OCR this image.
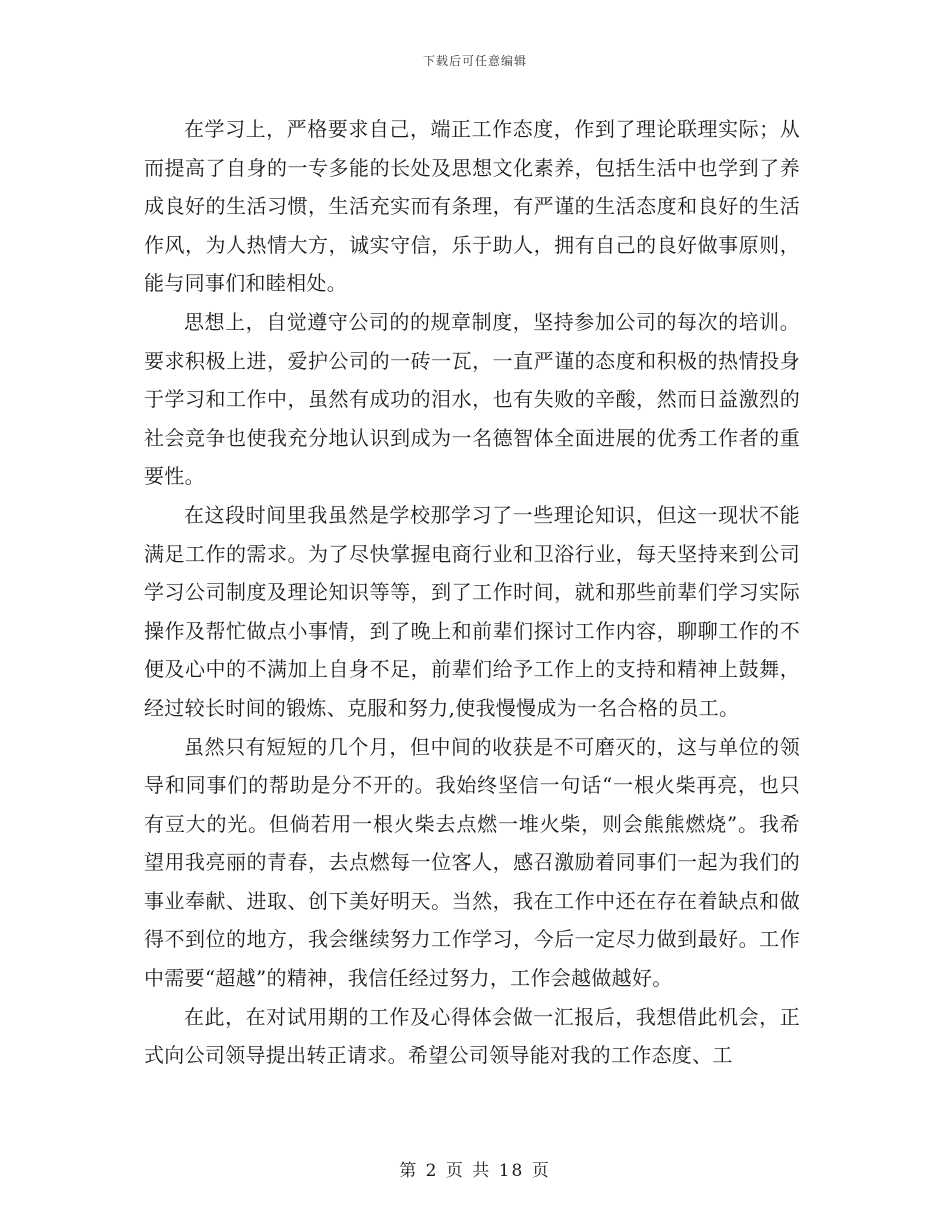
下载后可任意编辑

在学习上，严格要求自己，端正工作态度，作到了理论联理实际；从而提高了自身的一专多能的长处及思想文化素养，包括生活中也学到了养成良好的生活习惯，生活充实而有条理，有严谨的生活态度和良好的生活作风，为人热情大方，诚实守信，乐于助人，拥有自己的良好做事原则，能与同事们和睦相处。

思想上，自觉遵守公司的的规章制度，坚持参加公司的每次的培训。要求积极上进，爱护公司的一砖一瓦，一直严谨的态度和积极的热情投身于学习和工作中，虽然有成功的泪水，也有失败的辛酸，然而日益激烈的社会竞争也使我充分地认识到成为一名德智体全面进展的优秀工作者的重要性。

在这段时间里我虽然是学校那学习了一些理论知识，但这一现状不能满足工作的需求。为了尽快掌握电商行业和卫浴行业，每天坚持来到公司学习公司制度及理论知识等等，到了工作时间，就和那些前辈们学习实际操作及帮忙做点小事情，到了晚上和前辈们探讨工作内容，聊聊工作的不便及心中的不满加上自身不足，前辈们给予工作上的支持和精神上鼓舞，经过较长时间的锻炼、克服和努力,使我慢慢成为一名合格的员工。

虽然只有短短的几个月，但中间的收获是不可磨灭的，这与单位的领导和同事们的帮助是分不开的。我始终坚信一句话“一根火柴再亮，也只有豆大的光。但倘若用一根火柴去点燃一堆火柴，则会熊熊燃烧”。我希望用我亮丽的青春，去点燃每一位客人，感召激励着同事们一起为我们的事业奉献、进取、创下美好明天。当然，我在工作中还在存在着缺点和做得不到位的地方，我会继续努力工作学习，今后一定尽力做到最好。工作中需要“超越”的精神，我信任经过努力，工作会越做越好。

在此，在对试用期的工作及心得体会做一汇报后，我想借此机会，正式向公司领导提出转正请求。希望公司领导能对我的工作态度、工

第 2 页 共 18 页
